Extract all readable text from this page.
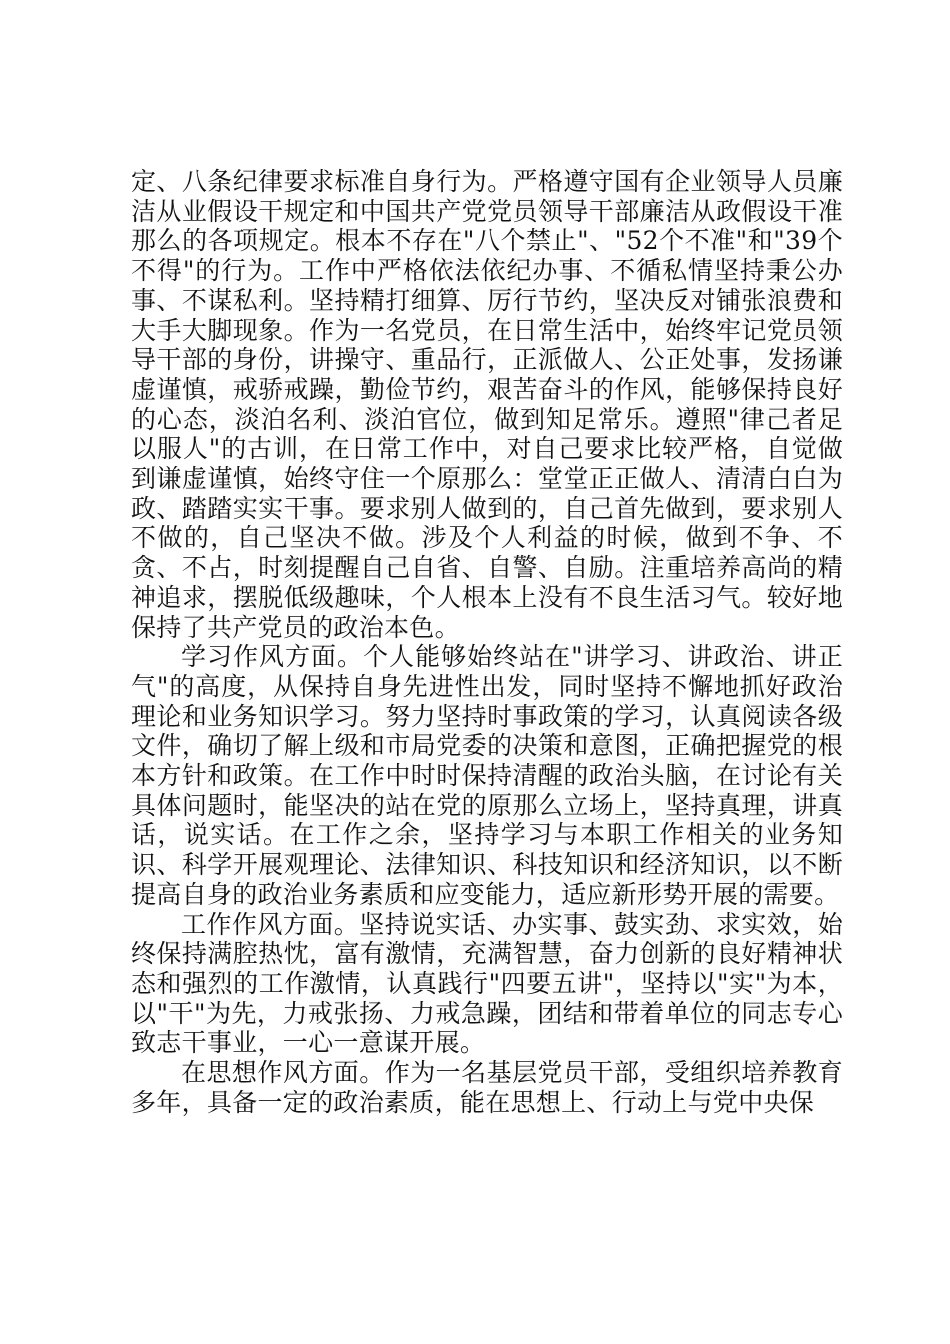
定、八条纪律要求标准自身行为。严格遵守国有企业领导人员廉洁从业假设干规定和中国共产党党员领导干部廉洁从政假设干准那么的各项规定。根本不存在"八个禁止"、"52个不准"和"39个不得"的行为。工作中严格依法依纪办事、不循私情坚持秉公办事、不谋私利。坚持精打细算、厉行节约，坚决反对铺张浪费和大手大脚现象。作为一名党员，在日常生活中，始终牢记党员领导干部的身份，讲操守、重品行，正派做人、公正处事，发扬谦虚谨慎，戒骄戒躁，勤俭节约，艰苦奋斗的作风，能够保持良好的心态，淡泊名利、淡泊官位，做到知足常乐。遵照"律己者足以服人"的古训，在日常工作中，对自己要求比较严格，自觉做到谦虚谨慎，始终守住一个原那么：堂堂正正做人、清清白白为政、踏踏实实干事。要求别人做到的，自己首先做到，要求别人不做的，自己坚决不做。涉及个人利益的时候，做到不争、不贪、不占，时刻提醒自己自省、自警、自励。注重培养高尚的精神追求，摆脱低级趣味，个人根本上没有不良生活习气。较好地保持了共产党员的政治本色。

学习作风方面。个人能够始终站在"讲学习、讲政治、讲正气"的高度，从保持自身先进性出发，同时坚持不懈地抓好政治理论和业务知识学习。努力坚持时事政策的学习，认真阅读各级文件，确切了解上级和市局党委的决策和意图，正确把握党的根本方针和政策。在工作中时时保持清醒的政治头脑，在讨论有关具体问题时，能坚决的站在党的原那么立场上，坚持真理，讲真话，说实话。在工作之余，坚持学习与本职工作相关的业务知识、科学开展观理论、法律知识、科技知识和经济知识，以不断提高自身的政治业务素质和应变能力，适应新形势开展的需要。

工作作风方面。坚持说实话、办实事、鼓实劲、求实效，始终保持满腔热忱，富有激情，充满智慧，奋力创新的良好精神状态和强烈的工作激情，认真践行"四要五讲"，坚持以"实"为本，以"干"为先，力戒张扬、力戒急躁，团结和带着单位的同志专心致志干事业，一心一意谋开展。

在思想作风方面。作为一名基层党员干部，受组织培养教育多年，具备一定的政治素质，能在思想上、行动上与党中央保
